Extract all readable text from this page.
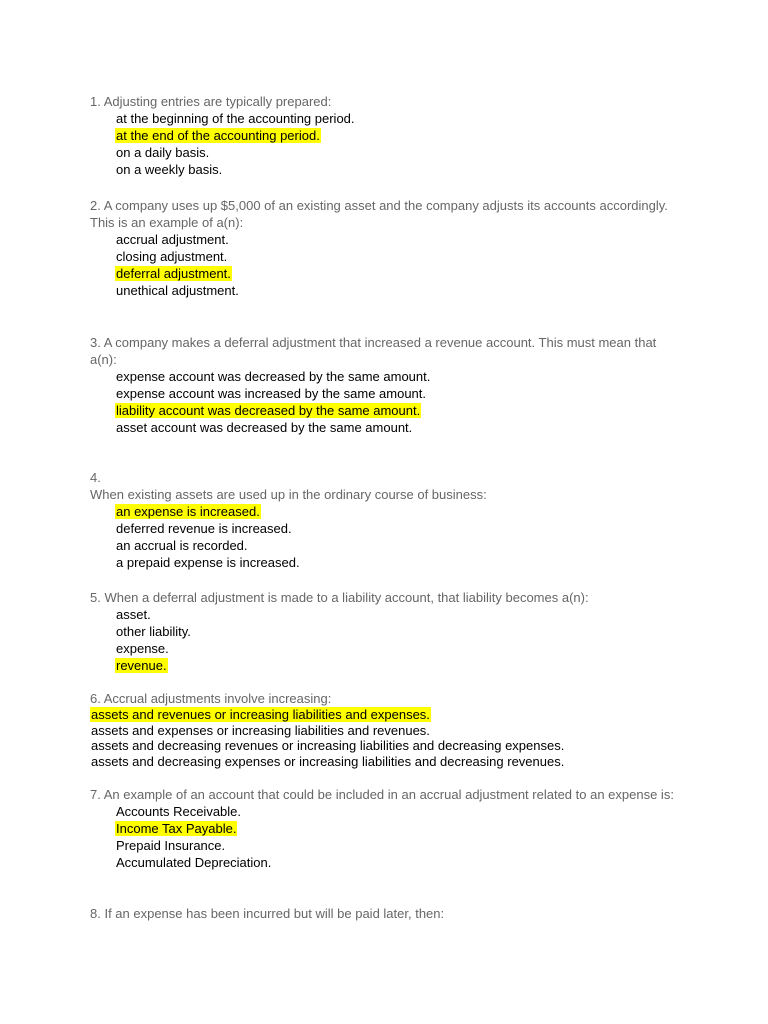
1. Adjusting entries are typically prepared:

at the beginning of the accounting period.
at the end of the accounting period.
on a daily basis.
on a weekly basis.

2. A company uses up $5,000 of an existing asset and the company adjusts its accounts accordingly. This is an example of a(n):

accrual adjustment.
closing adjustment.
deferral adjustment.
unethical adjustment.

3. A company makes a deferral adjustment that increased a revenue account. This must mean that a(n):

expense account was decreased by the same amount.
expense account was increased by the same amount.
liability account was decreased by the same amount.
asset account was decreased by the same amount.

4.
When existing assets are used up in the ordinary course of business:

an expense is increased.
deferred revenue is increased.
an accrual is recorded.
a prepaid expense is increased.

5. When a deferral adjustment is made to a liability account, that liability becomes a(n):

asset.
other liability.
expense.
revenue.

6. Accrual adjustments involve increasing:

assets and revenues or increasing liabilities and expenses.
assets and expenses or increasing liabilities and revenues.
assets and decreasing revenues or increasing liabilities and decreasing expenses.
assets and decreasing expenses or increasing liabilities and decreasing revenues.

7. An example of an account that could be included in an accrual adjustment related to an expense is:

Accounts Receivable.
Income Tax Payable.
Prepaid Insurance.
Accumulated Depreciation.

8. If an expense has been incurred but will be paid later, then:
